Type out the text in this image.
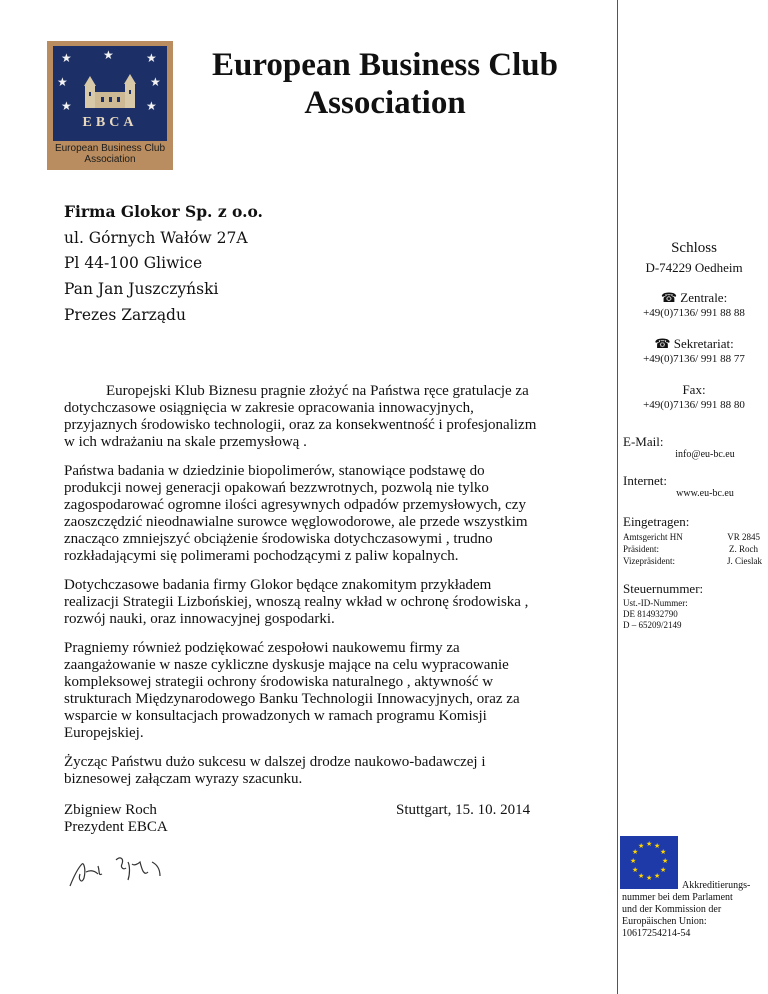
★	★	★
★	★
★	★
EBCA
European Business Club
Association
European Business Club
Association
Firma Glokor Sp. z o.o.
ul. Górnych Wałów 27A
Pl 44-100 Gliwice
Pan Jan Juszczyński
Prezes Zarządu
Schloss
D-74229 Oedheim
☎ Zentrale:
+49(0)7136/ 991 88 88
☎ Sekretariat:
+49(0)7136/ 991 88 77
Fax:
+49(0)7136/ 991 88 80
E-Mail:
info@eu-bc.eu
Internet:
www.eu-bc.eu
Eingetragen:
Amtsgericht HN	VR 2845
Präsident:	Z. Roch
Vizepräsident:	J. Cieslak
Steuernummer:
Ust.-ID-Nummer:
DE 814932790
D – 65209/2149
★ ★
★
★
★
★
★
★
★
★
★
★
Akkreditierungs-
nummer bei dem Parlament
und der Kommission der
Europäischen Union:
10617254214-54
Europejski Klub Biznesu pragnie złożyć na Państwa ręce gratulacje za
dotychczasowe osiągnięcia w zakresie opracowania innowacyjnych,
przyjaznych środowisko technologii, oraz za konsekwentność i profesjonalizm
w ich wdrażaniu na skale przemysłową .
Państwa badania w dziedzinie biopolimerów, stanowiące podstawę do
produkcji nowej generacji opakowań bezzwrotnych, pozwolą nie tylko
zagospodarować ogromne ilości agresywnych odpadów przemysłowych, czy
zaoszczędzić nieodnawialne surowce węglowodorowe, ale przede wszystkim
znacząco zmniejszyć obciążenie środowiska dotychczasowymi , trudno
rozkładającymi się polimerami pochodzącymi z paliw kopalnych.
Dotychczasowe badania firmy Glokor będące znakomitym przykładem
realizacji Strategii Lizbońskiej, wnoszą realny wkład w ochronę środowiska ,
rozwój nauki, oraz innowacyjnej gospodarki.
Pragniemy również podziękować zespołowi naukowemu firmy za
zaangażowanie w nasze cykliczne dyskusje mające na celu wypracowanie
kompleksowej strategii ochrony środowiska naturalnego , aktywność w
strukturach Międzynarodowego Banku Technologii Innowacyjnych, oraz za
wsparcie w konsultacjach prowadzonych w ramach programu Komisji
Europejskiej.
Życząc Państwu dużo sukcesu w dalszej drodze naukowo-badawczej i
biznesowej załączam wyrazy szacunku.
Zbigniew Roch
Prezydent EBCA
Stuttgart, 15. 10. 2014
